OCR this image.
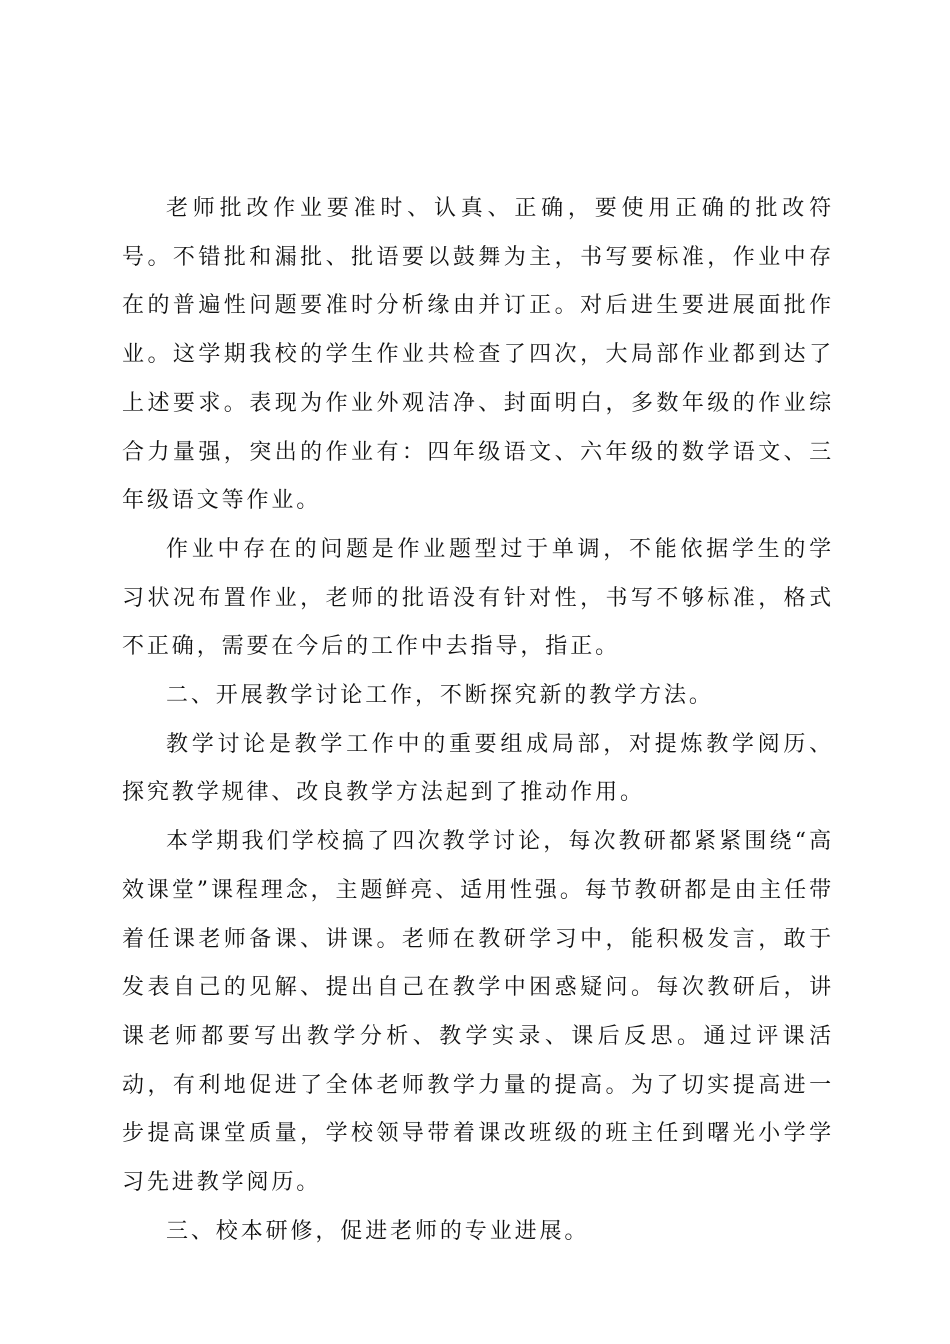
老师批改作业要准时、认真、正确，要使用正确的批改符号。不错批和漏批、批语要以鼓舞为主，书写要标准，作业中存在的普遍性问题要准时分析缘由并订正。对后进生要进展面批作业。这学期我校的学生作业共检查了四次，大局部作业都到达了上述要求。表现为作业外观洁净、封面明白，多数年级的作业综合力量强，突出的作业有：四年级语文、六年级的数学语文、三年级语文等作业。

作业中存在的问题是作业题型过于单调，不能依据学生的学习状况布置作业，老师的批语没有针对性，书写不够标准，格式不正确，需要在今后的工作中去指导，指正。

二、开展教学讨论工作，不断探究新的教学方法。

教学讨论是教学工作中的重要组成局部，对提炼教学阅历、探究教学规律、改良教学方法起到了推动作用。

本学期我们学校搞了四次教学讨论，每次教研都紧紧围绕“高效课堂”课程理念，主题鲜亮、适用性强。每节教研都是由主任带着任课老师备课、讲课。老师在教研学习中，能积极发言，敢于发表自己的见解、提出自己在教学中困惑疑问。每次教研后，讲课老师都要写出教学分析、教学实录、课后反思。通过评课活动，有利地促进了全体老师教学力量的提高。为了切实提高进一步提高课堂质量，学校领导带着课改班级的班主任到曙光小学学习先进教学阅历。

三、校本研修，促进老师的专业进展。
